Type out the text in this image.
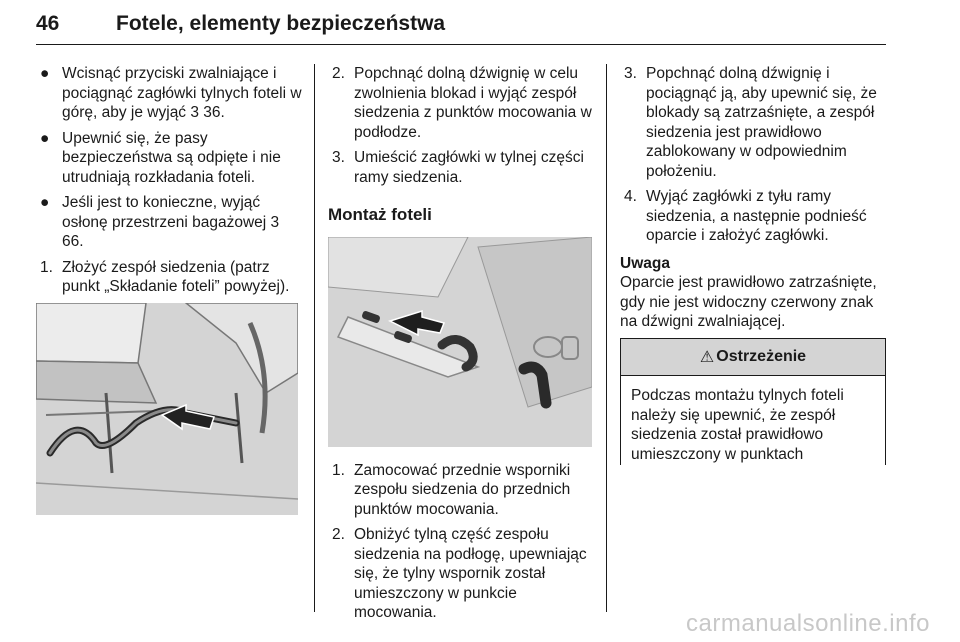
46	Fotele, elementy bezpieczeństwa
● Wcisnąć przyciski zwalniające i pociągnąć zagłówki tylnych foteli w górę, aby je wyjąć 3 36.
● Upewnić się, że pasy bezpieczeństwa są odpięte i nie utrudniają rozkładania foteli.
● Jeśli jest to konieczne, wyjąć osłonę przestrzeni bagażowej 3 66.
1. Złożyć zespół siedzenia (patrz punkt „Składanie foteli” powyżej).
2. Popchnąć dolną dźwignię w celu zwolnienia blokad i wyjąć zespół siedzenia z punktów mocowania w podłodze.
3. Umieścić zagłówki w tylnej części ramy siedzenia.
Montaż foteli
1. Zamocować przednie wsporniki zespołu siedzenia do przednich punktów mocowania.
2. Obniżyć tylną część zespołu siedzenia na podłogę, upewniając się, że tylny wspornik został umieszczony w punkcie mocowania.
3. Popchnąć dolną dźwignię i pociągnąć ją, aby upewnić się, że blokady są zatrzaśnięte, a zespół siedzenia jest prawidłowo zablokowany w odpowiednim położeniu.
4. Wyjąć zagłówki z tyłu ramy siedzenia, a następnie podnieść oparcie i założyć zagłówki.
Uwaga
Oparcie jest prawidłowo zatrzaśnięte, gdy nie jest widoczny czerwony znak na dźwigni zwalniającej.
⚠ Ostrzeżenie
Podczas montażu tylnych foteli należy się upewnić, że zespół siedzenia został prawidłowo umieszczony w punktach
carmanualsonline.info
